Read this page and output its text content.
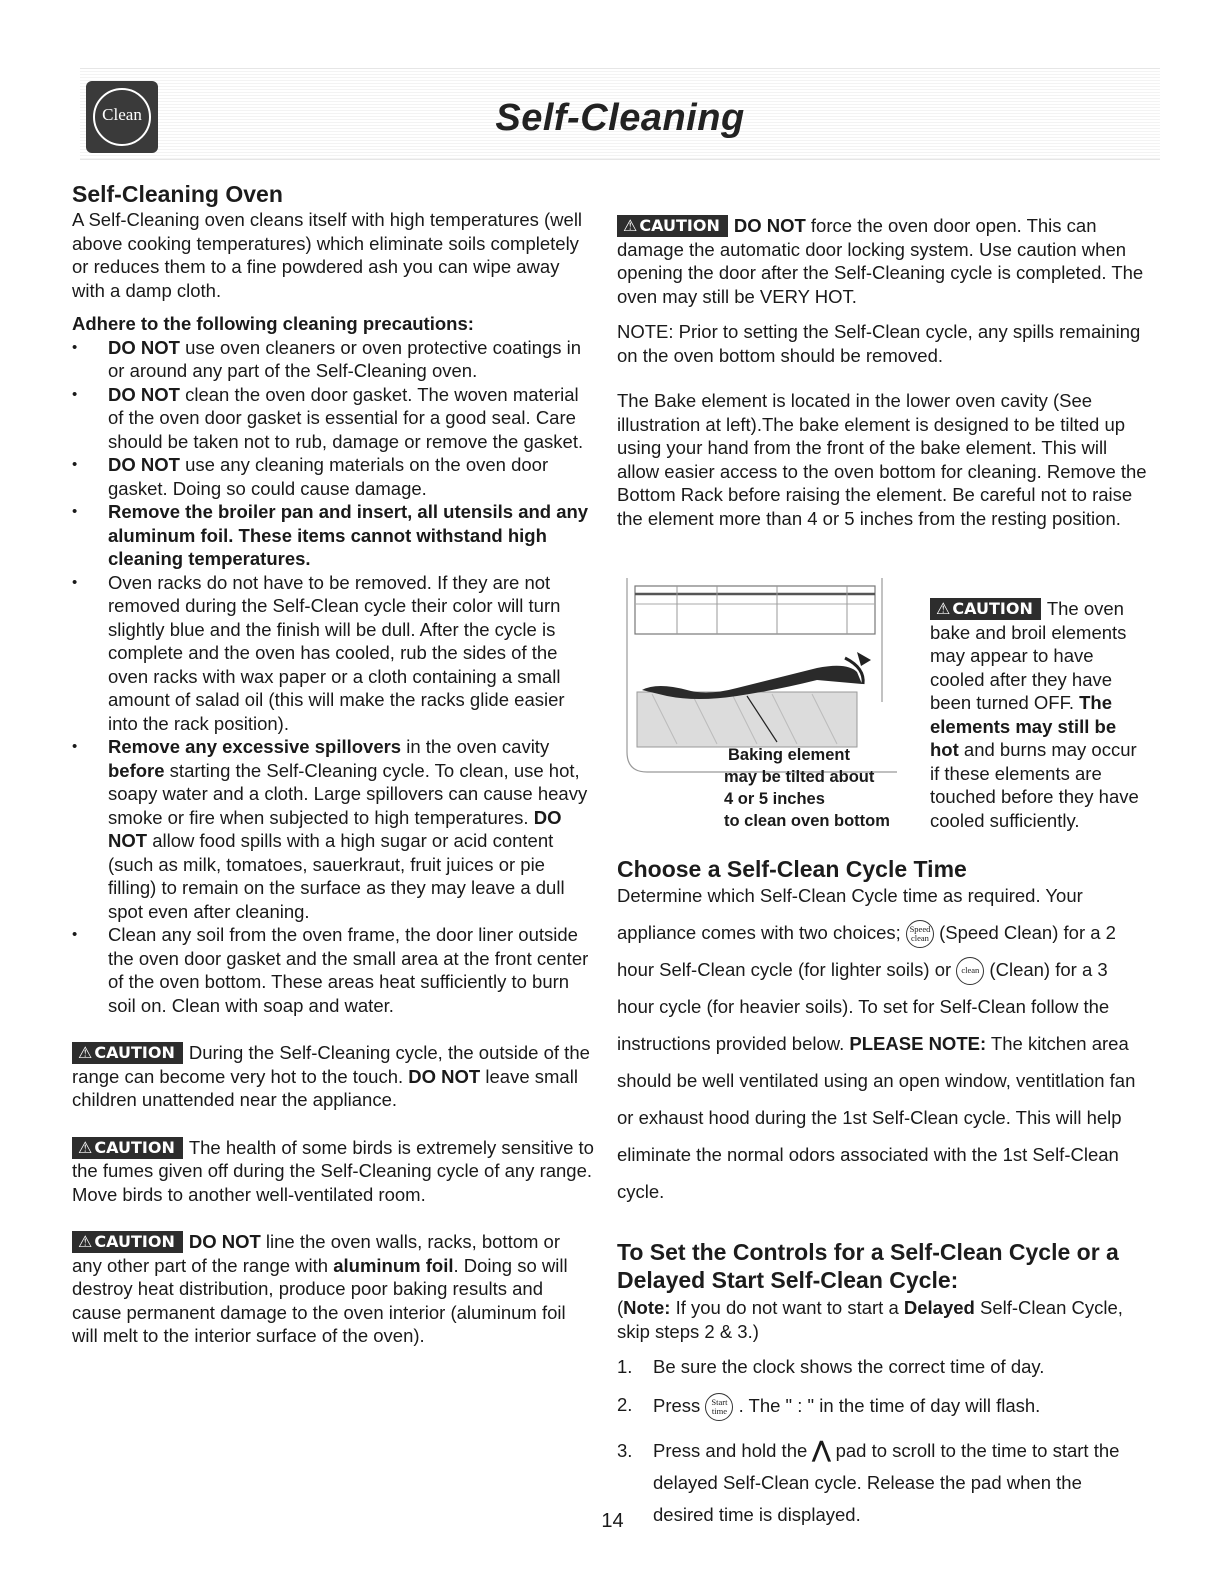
Clean	Self-Cleaning
Self-Cleaning Oven

A Self-Cleaning oven cleans itself with high temperatures (well above cooking temperatures) which eliminate soils completely or reduces them to a fine powdered ash you can wipe away with a damp cloth.

Adhere to the following cleaning precautions:
• DO NOT use oven cleaners or oven protective coatings in or around any part of the Self-Cleaning oven.
• DO NOT clean the oven door gasket. The woven material of the oven door gasket is essential for a good seal. Care should be taken not to rub, damage or remove the gasket.
• DO NOT use any cleaning materials on the oven door gasket. Doing so could cause damage.
• Remove the broiler pan and insert, all utensils and any aluminum foil. These items cannot withstand high cleaning temperatures.
• Oven racks do not have to be removed. If they are not removed during the Self-Clean cycle their color will turn slightly blue and the finish will be dull. After the cycle is complete and the oven has cooled, rub the sides of the oven racks with wax paper or a cloth containing a small amount of salad oil (this will make the racks glide easier into the rack position).
• Remove any excessive spillovers in the oven cavity before starting the Self-Cleaning cycle. To clean, use hot, soapy water and a cloth. Large spillovers can cause heavy smoke or fire when subjected to high temperatures. DO NOT allow food spills with a high sugar or acid content (such as milk, tomatoes, sauerkraut, fruit juices or pie filling) to remain on the surface as they may leave a dull spot even after cleaning.
• Clean any soil from the oven frame, the door liner outside the oven door gasket and the small area at the front center of the oven bottom. These areas heat sufficiently to burn soil on. Clean with soap and water.

⚠ CAUTION During the Self-Cleaning cycle, the outside of the range can become very hot to the touch. DO NOT leave small children unattended near the appliance.

⚠ CAUTION The health of some birds is extremely sensitive to the fumes given off during the Self-Cleaning cycle of any range. Move birds to another well-ventilated room.

⚠ CAUTION DO NOT line the oven walls, racks, bottom or any other part of the range with aluminum foil. Doing so will destroy heat distribution, produce poor baking results and cause permanent damage to the oven interior (aluminum foil will melt to the interior surface of the oven).

⚠ CAUTION DO NOT force the oven door open. This can damage the automatic door locking system. Use caution when opening the door after the Self-Cleaning cycle is completed. The oven may still be VERY HOT.

NOTE: Prior to setting the Self-Clean cycle, any spills remaining on the oven bottom should be removed.

The Bake element is located in the lower oven cavity (See illustration at left).The bake element is designed to be tilted up using your hand from the front of the bake element. This will allow easier access to the oven bottom for cleaning. Remove the Bottom Rack before raising the element. Be careful not to raise the element more than 4 or 5 inches from the resting position.

Baking element
may be tilted about
4 or 5 inches
to clean oven bottom
⚠ CAUTION The oven bake and broil elements may appear to have cooled after they have been turned OFF. The elements may still be hot and burns may occur if these elements are touched before they have cooled sufficiently.
Choose a Self-Clean Cycle Time

Determine which Self-Clean Cycle time as required. Your appliance comes with two choices; Speed
clean (Speed Clean) for a 2 hour Self-Clean cycle (for lighter soils) or clean (Clean) for a 3 hour cycle (for heavier soils). To set for Self-Clean follow the instructions provided below. PLEASE NOTE: The kitchen area should be well ventilated using an open window, ventitlation fan or exhaust hood during the 1st Self-Clean cycle. This will help eliminate the normal odors associated with the 1st Self-Clean cycle.

To Set the Controls for a Self-Clean Cycle or a Delayed Start Self-Clean Cycle:

(Note: If you do not want to start a Delayed Self-Clean Cycle, skip steps 2 & 3.)

1. Be sure the clock shows the correct time of day.
2. Press Start
time . The " : " in the time of day will flash.
3. Press and hold the ⋀ pad to scroll to the time to start the delayed Self-Clean cycle. Release the pad when the desired time is displayed.
14
